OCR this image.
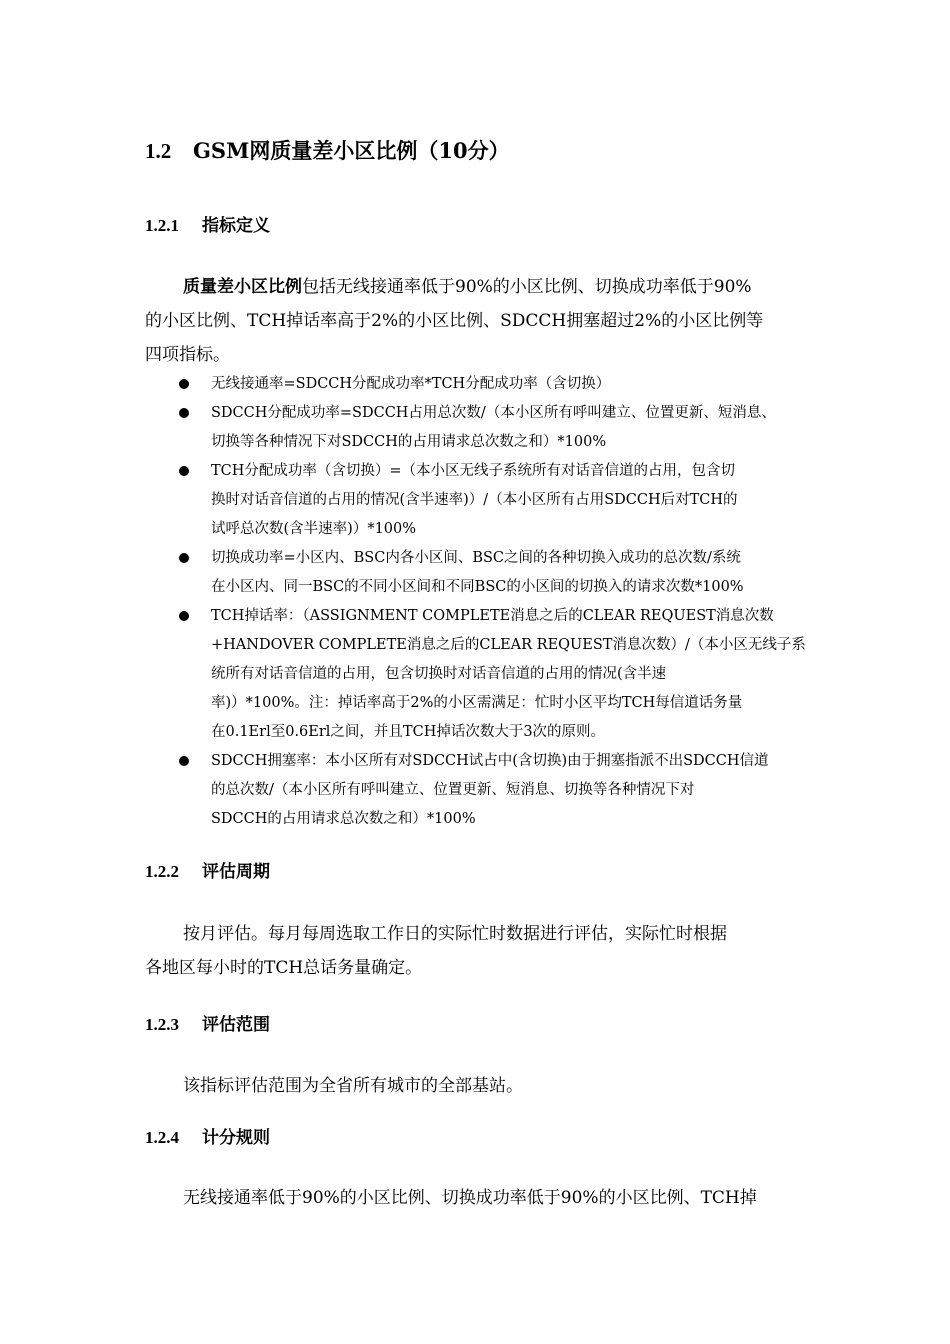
1.2 GSM网质量差小区比例（10分）
1.2.1 指标定义
质量差小区比例包括无线接通率低于90%的小区比例、切换成功率低于90%
的小区比例、TCH掉话率高于2%的小区比例、SDCCH拥塞超过2%的小区比例等
四项指标。
无线接通率=SDCCH分配成功率*TCH分配成功率（含切换）
SDCCH分配成功率=SDCCH占用总次数/（本小区所有呼叫建立、位置更新、短消息、
切换等各种情况下对SDCCH的占用请求总次数之和）*100%
TCH分配成功率（含切换）=（本小区无线子系统所有对话音信道的占用，包含切
换时对话音信道的占用的情况(含半速率)）/（本小区所有占用SDCCH后对TCH的
试呼总次数(含半速率)）*100%
切换成功率=小区内、BSC内各小区间、BSC之间的各种切换入成功的总次数/系统
在小区内、同一BSC的不同小区间和不同BSC的小区间的切换入的请求次数*100%
TCH掉话率：（ASSIGNMENT COMPLETE消息之后的CLEAR REQUEST消息次数
+HANDOVER COMPLETE消息之后的CLEAR REQUEST消息次数）/（本小区无线子系
统所有对话音信道的占用，包含切换时对话音信道的占用的情况(含半速
率)）*100%。注：掉话率高于2%的小区需满足：忙时小区平均TCH每信道话务量
在0.1Erl至0.6Erl之间，并且TCH掉话次数大于3次的原则。
SDCCH拥塞率：本小区所有对SDCCH试占中(含切换)由于拥塞指派不出SDCCH信道
的总次数/（本小区所有呼叫建立、位置更新、短消息、切换等各种情况下对
SDCCH的占用请求总次数之和）*100%
1.2.2 评估周期
按月评估。每月每周选取工作日的实际忙时数据进行评估，实际忙时根据
各地区每小时的TCH总话务量确定。
1.2.3 评估范围
该指标评估范围为全省所有城市的全部基站。
1.2.4 计分规则
无线接通率低于90%的小区比例、切换成功率低于90%的小区比例、TCH掉
